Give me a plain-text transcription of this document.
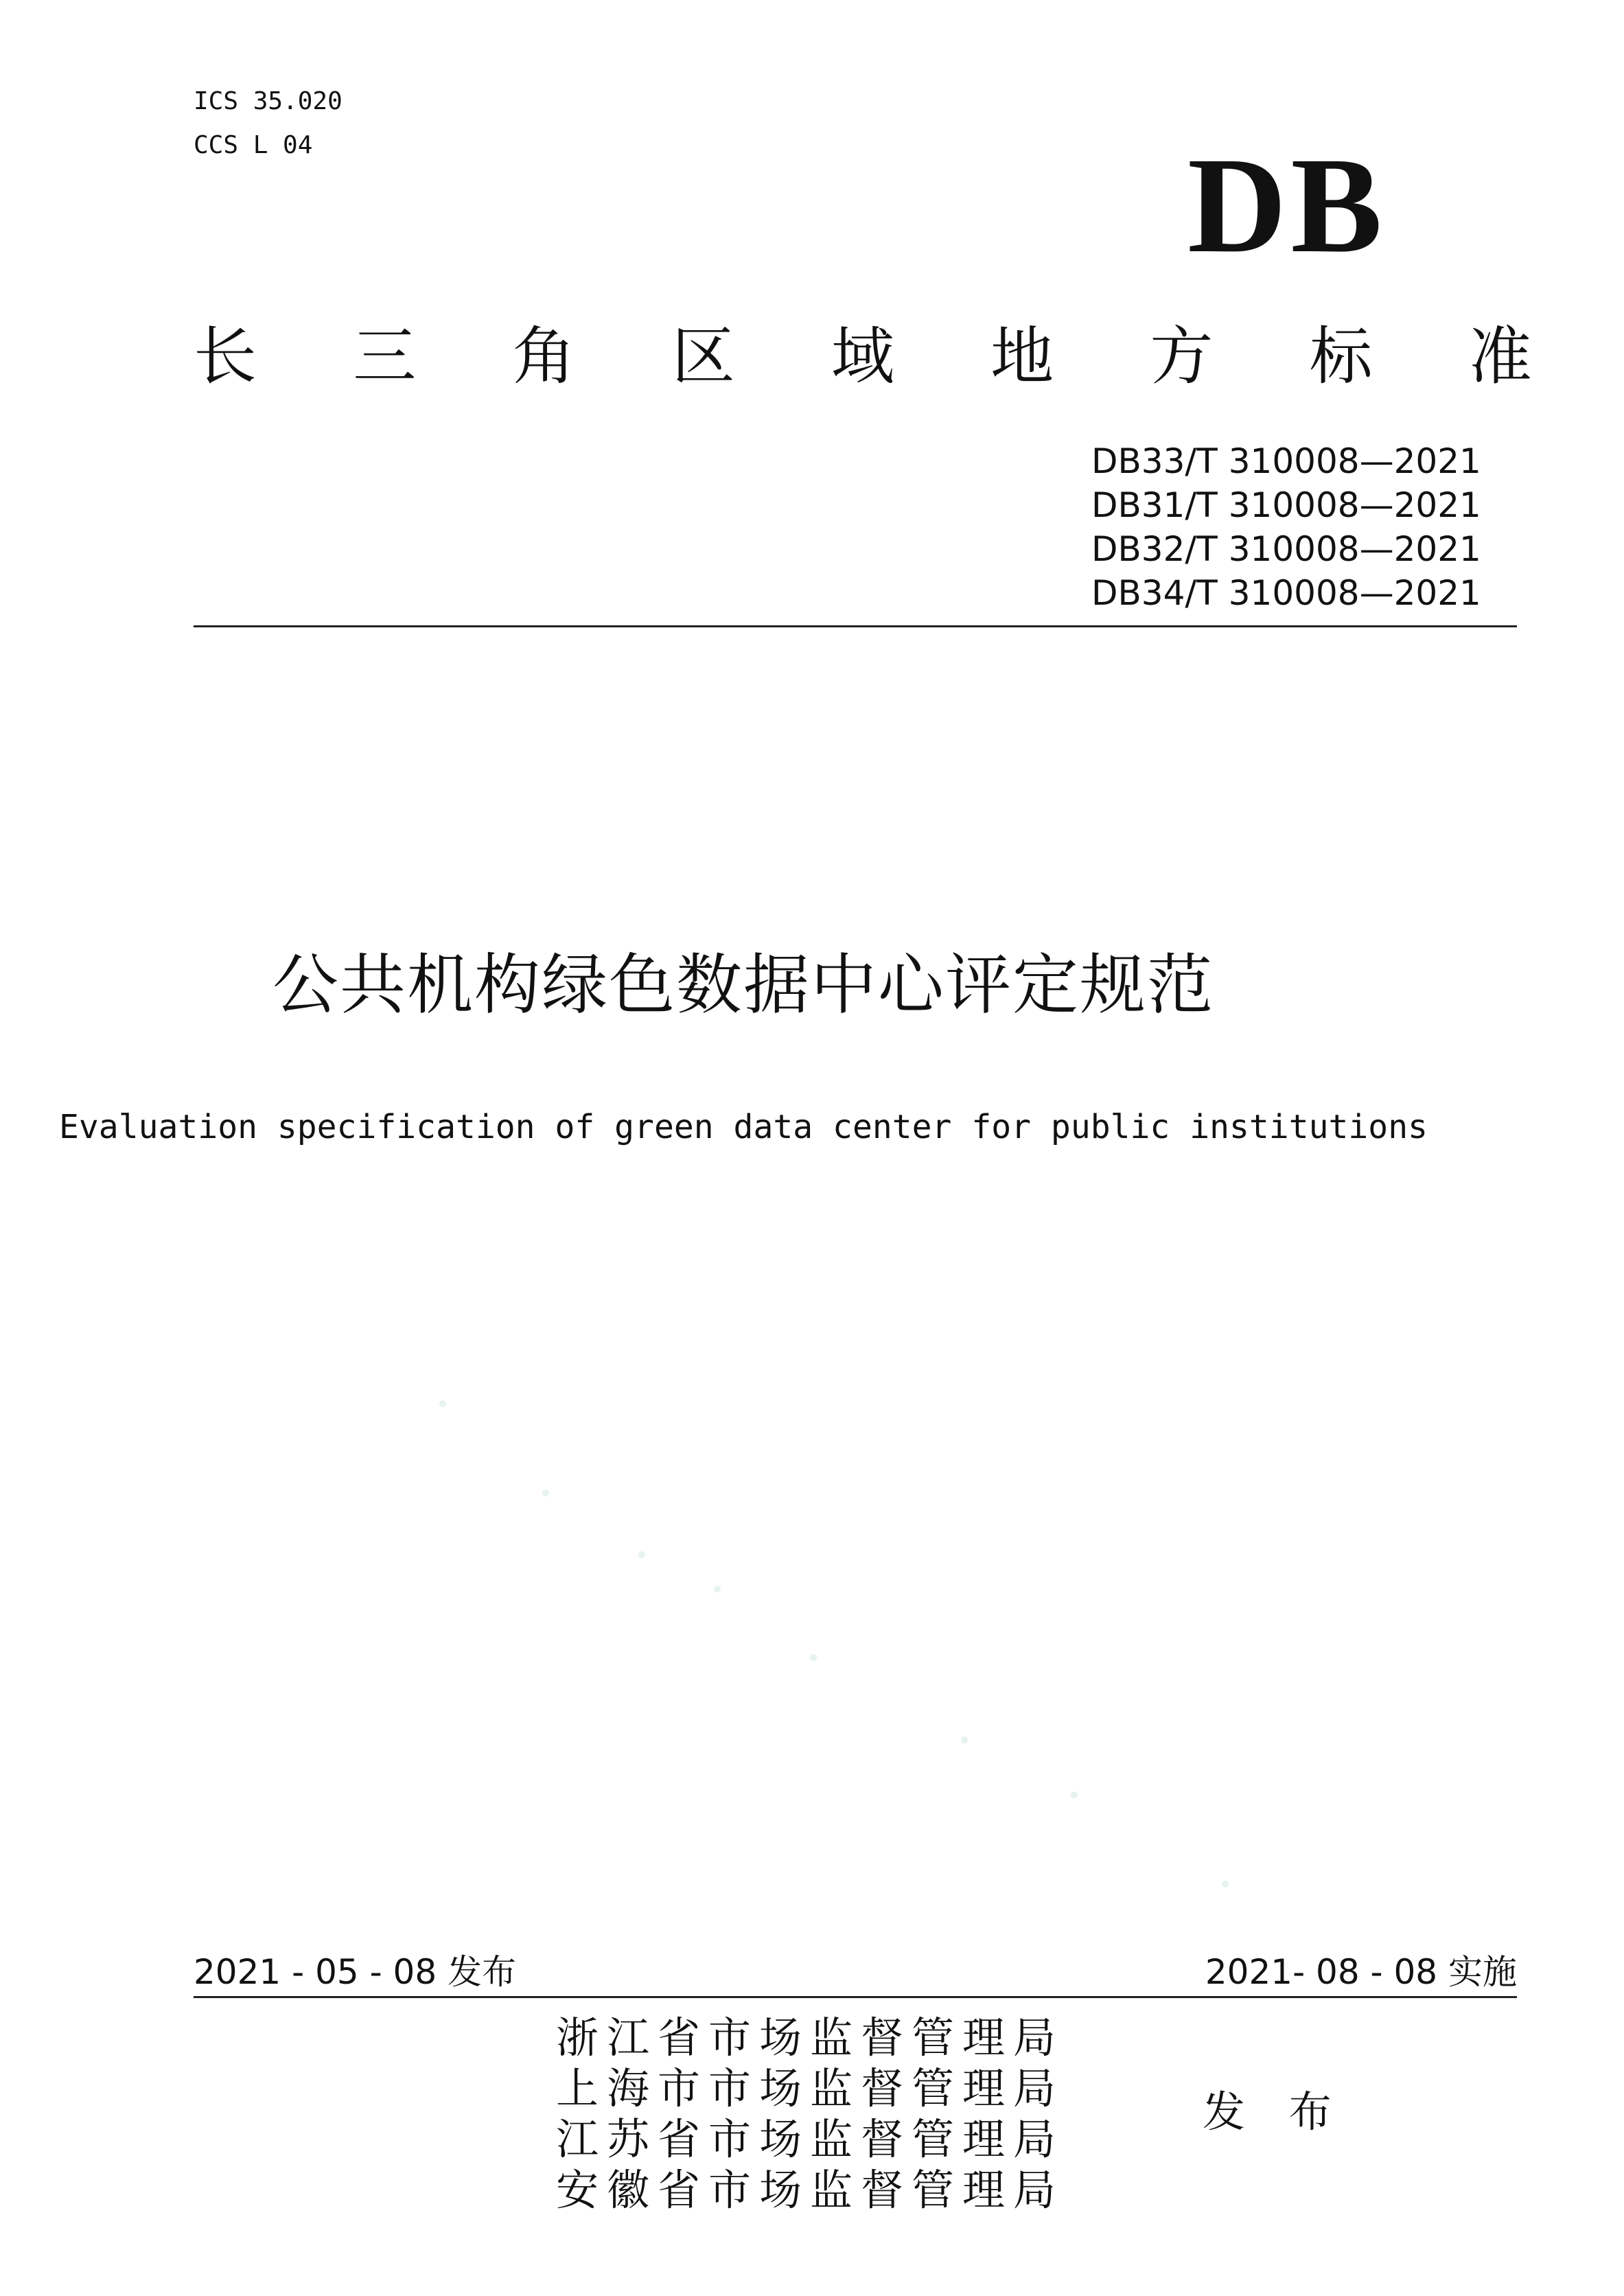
ICS 35.020
CCS L 04	DB
长 三 角 区 域 地 方 标 准
DB33/T 310008—2021
DB31/T 310008—2021
DB32/T 310008—2021
DB34/T 310008—2021
公共机构绿色数据中心评定规范
Evaluation specification of green data center for public institutions
2021 - 05 - 08 发布	2021- 08 - 08 实施
浙江省市场监督管理局
上海市市场监督管理局
江苏省市场监督管理局
安徽省市场监督管理局
发 布
